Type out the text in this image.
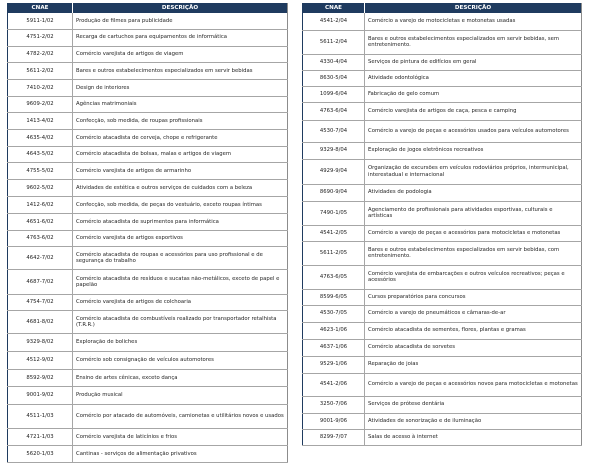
CNAE	DESCRIÇÃO
5911-1/02	Produção de filmes para publicidade
4751-2/02	Recarga de cartuchos para equipamentos de informática
4782-2/02	Comércio varejista de artigos de viagem
5611-2/02	Bares e outros estabelecimentos especializados em servir bebidas
7410-2/02	Design de interiores
9609-2/02	Agências matrimoniais
1413-4/02	Confecção, sob medida, de roupas profissionais
4635-4/02	Comércio atacadista de cerveja, chope e refrigerante
4643-5/02	Comércio atacadista de bolsas, malas e artigos de viagem
4755-5/02	Comércio varejista de artigos de armarinho
9602-5/02	Atividades de estética e outros serviços de cuidados com a beleza
1412-6/02	Confecção, sob medida, de peças do vestuário, exceto roupas íntimas
4651-6/02	Comércio atacadista de suprimentos para informática
4763-6/02	Comércio varejista de artigos esportivos
4642-7/02	Comércio atacadista de roupas e acessórios para uso profissional e de segurança do trabalho
4687-7/02	Comércio atacadista de resíduos e sucatas não-metálicos, exceto de papel e papelão
4754-7/02	Comércio varejista de artigos de colchoaria
4681-8/02	Comércio atacadista de combustíveis realizado por transportador retalhista (T.R.R.)
9329-8/02	Exploração de boliches
4512-9/02	Comércio sob consignação de veículos automotores
8592-9/02	Ensino de artes cênicas, exceto dança
9001-9/02	Produção musical
4511-1/03	Comércio por atacado de automóveis, camionetas e utilitários novos e usados
4721-1/03	Comércio varejista de laticínios e frios
5620-1/03	Cantinas - serviços de alimentação privativos
CNAE	DESCRIÇÃO
4541-2/04	Comércio a varejo de motocicletas e motonetas usadas
5611-2/04	Bares e outros estabelecimentos especializados em servir bebidas, sem entretenimento.
4330-4/04	Serviços de pintura de edifícios em geral
8630-5/04	Atividade odontológica
1099-6/04	Fabricação de gelo comum
4763-6/04	Comércio varejista de artigos de caça, pesca e camping
4530-7/04	Comércio a varejo de peças e acessórios usados para veículos automotores
9329-8/04	Exploração de jogos eletrônicos recreativos
4929-9/04	Organização de excursões em veículos rodoviários próprios, intermunicipal, interestadual e internacional
8690-9/04	Atividades de podologia
7490-1/05	Agenciamento de profissionais para atividades esportivas, culturais e artísticas
4541-2/05	Comércio a varejo de peças e acessórios para motocicletas e motonetas
5611-2/05	Bares e outros estabelecimentos especializados em servir bebidas, com entretenimento.
4763-6/05	Comércio varejista de embarcações e outros veículos recreativos; peças e acessórios
8599-6/05	Cursos preparatórios para concursos
4530-7/05	Comércio a varejo de pneumáticos e câmaras-de-ar
4623-1/06	Comércio atacadista de sementes, flores, plantas e gramas
4637-1/06	Comércio atacadista de sorvetes
9529-1/06	Reparação de joias
4541-2/06	Comércio a varejo de peças e acessórios novos para motocicletas e motonetas
3250-7/06	Serviços de prótese dentária
9001-9/06	Atividades de sonorização e de iluminação
8299-7/07	Salas de acesso à internet
